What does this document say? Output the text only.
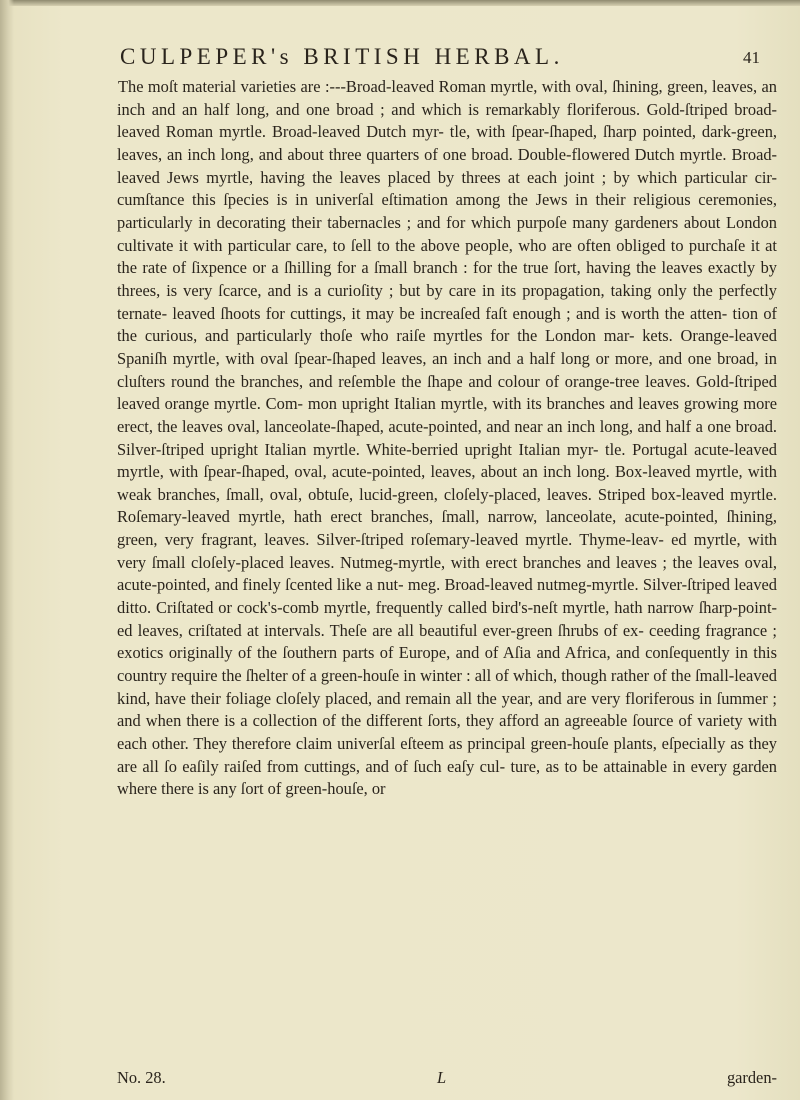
CULPEPER's BRITISH HERBAL.	41

The moſt material varieties are :---Broad-leaved Roman myrtle, with oval, ſhining, green, leaves, an inch and an half long, and one broad ; and which is remarkably floriferous. Gold-ſtriped broad-leaved Roman myrtle. Broad-leaved Dutch myr- tle, with ſpear-ſhaped, ſharp pointed, dark-green, leaves, an inch long, and about three quarters of one broad. Double-flowered Dutch myrtle. Broad-leaved Jews myrtle, having the leaves placed by threes at each joint ; by which particular cir- cumſtance this ſpecies is in univerſal eſtimation among the Jews in their religious ceremonies, particularly in decorating their tabernacles ; and for which purpoſe many gardeners about London cultivate it with particular care, to ſell to the above people, who are often obliged to purchaſe it at the rate of ſixpence or a ſhilling for a ſmall branch : for the true ſort, having the leaves exactly by threes, is very ſcarce, and is a curioſity ; but by care in its propagation, taking only the perfectly ternate- leaved ſhoots for cuttings, it may be increaſed faſt enough ; and is worth the atten- tion of the curious, and particularly thoſe who raiſe myrtles for the London mar- kets. Orange-leaved Spaniſh myrtle, with oval ſpear-ſhaped leaves, an inch and a half long or more, and one broad, in cluſters round the branches, and reſemble the ſhape and colour of orange-tree leaves. Gold-ſtriped leaved orange myrtle. Com- mon upright Italian myrtle, with its branches and leaves growing more erect, the leaves oval, lanceolate-ſhaped, acute-pointed, and near an inch long, and half a one broad. Silver-ſtriped upright Italian myrtle. White-berried upright Italian myr- tle. Portugal acute-leaved myrtle, with ſpear-ſhaped, oval, acute-pointed, leaves, about an inch long. Box-leaved myrtle, with weak branches, ſmall, oval, obtuſe, lucid-green, cloſely-placed, leaves. Striped box-leaved myrtle. Roſemary-leaved myrtle, hath erect branches, ſmall, narrow, lanceolate, acute-pointed, ſhining, green, very fragrant, leaves. Silver-ſtriped roſemary-leaved myrtle. Thyme-leav- ed myrtle, with very ſmall cloſely-placed leaves. Nutmeg-myrtle, with erect branches and leaves ; the leaves oval, acute-pointed, and finely ſcented like a nut- meg. Broad-leaved nutmeg-myrtle. Silver-ſtriped leaved ditto. Criſtated or cock's-comb myrtle, frequently called bird's-neſt myrtle, hath narrow ſharp-point- ed leaves, criſtated at intervals. Theſe are all beautiful ever-green ſhrubs of ex- ceeding fragrance ; exotics originally of the ſouthern parts of Europe, and of Aſia and Africa, and conſequently in this country require the ſhelter of a green-houſe in winter : all of which, though rather of the ſmall-leaved kind, have their foliage cloſely placed, and remain all the year, and are very floriferous in ſummer ; and when there is a collection of the different ſorts, they afford an agreeable ſource of variety with each other. They therefore claim univerſal eſteem as principal green-houſe plants, eſpecially as they are all ſo eaſily raiſed from cuttings, and of ſuch eaſy cul- ture, as to be attainable in every garden where there is any ſort of green-houſe, or

No. 28.	L	garden-
